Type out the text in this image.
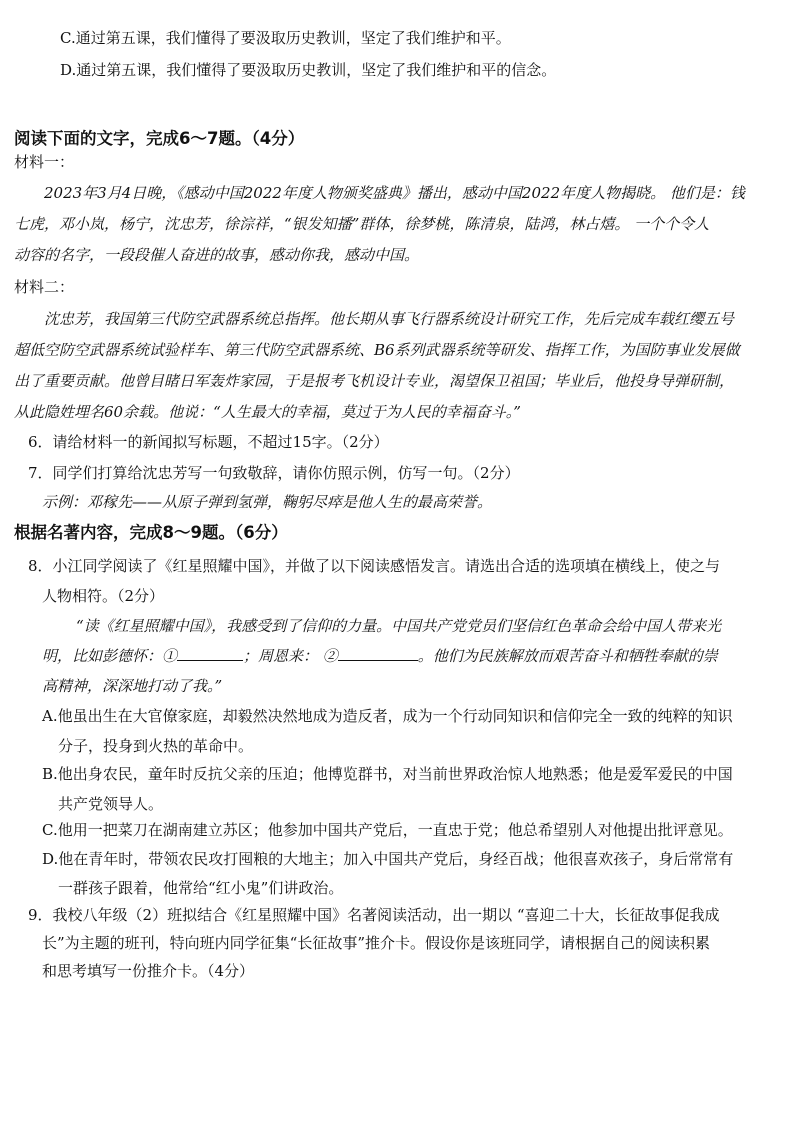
C.通过第五课，我们懂得了要汲取历史教训，坚定了我们维护和平。
D.通过第五课，我们懂得了要汲取历史教训，坚定了我们维护和平的信念。
阅读下面的文字，完成6～7题。（4分）
材料一：
2023年3月4日晚，《感动中国2022年度人物颁奖盛典》播出，感动中国2022年度人物揭晓。 他们是：钱
七虎，邓小岚，杨宁，沈忠芳，徐淙祥，“银发知播”群体，徐梦桃，陈清泉，陆鸿，林占熺。 一个个令人
动容的名字，一段段催人奋进的故事，感动你我，感动中国。
材料二：
沈忠芳，我国第三代防空武器系统总指挥。他长期从事飞行器系统设计研究工作，先后完成车载红缨五号
超低空防空武器系统试验样车、第三代防空武器系统、B6系列武器系统等研发、指挥工作，为国防事业发展做
出了重要贡献。他曾目睹日军轰炸家园，于是报考飞机设计专业，渴望保卫祖国；毕业后，他投身导弹研制，
从此隐姓埋名60余载。他说：“人生最大的幸福，莫过于为人民的幸福奋斗。”
6．请给材料一的新闻拟写标题，不超过15字。（2分）
7．同学们打算给沈忠芳写一句致敬辞，请你仿照示例，仿写一句。（2分）
示例：邓稼先——从原子弹到氢弹，鞠躬尽瘁是他人生的最高荣誉。
根据名著内容，完成8～9题。（6分）
8．小江同学阅读了《红星照耀中国》，并做了以下阅读感悟发言。请选出合适的选项填在横线上，使之与
人物相符。（2分）
“读《红星照耀中国》，我感受到了信仰的力量。中国共产党党员们坚信红色革命会给中国人带来光
明，比如彭德怀：①	；周恩来： ②	。他们为民族解放而艰苦奋斗和牺牲奉献的崇
高精神，深深地打动了我。”
A.他虽出生在大官僚家庭，却毅然决然地成为造反者，成为一个行动同知识和信仰完全一致的纯粹的知识
分子，投身到火热的革命中。
B.他出身农民，童年时反抗父亲的压迫；他博览群书，对当前世界政治惊人地熟悉；他是爱军爱民的中国
共产党领导人。
C.他用一把菜刀在湖南建立苏区；他参加中国共产党后，一直忠于党；他总希望别人对他提出批评意见。
D.他在青年时，带领农民攻打囤粮的大地主；加入中国共产党后，身经百战；他很喜欢孩子，身后常常有
一群孩子跟着，他常给“红小鬼”们讲政治。
9．我校八年级（2）班拟结合《红星照耀中国》名著阅读活动，出一期以 “喜迎二十大，长征故事促我成
长”为主题的班刊，特向班内同学征集“长征故事”推介卡。假设你是该班同学，请根据自己的阅读积累
和思考填写一份推介卡。（4分）
